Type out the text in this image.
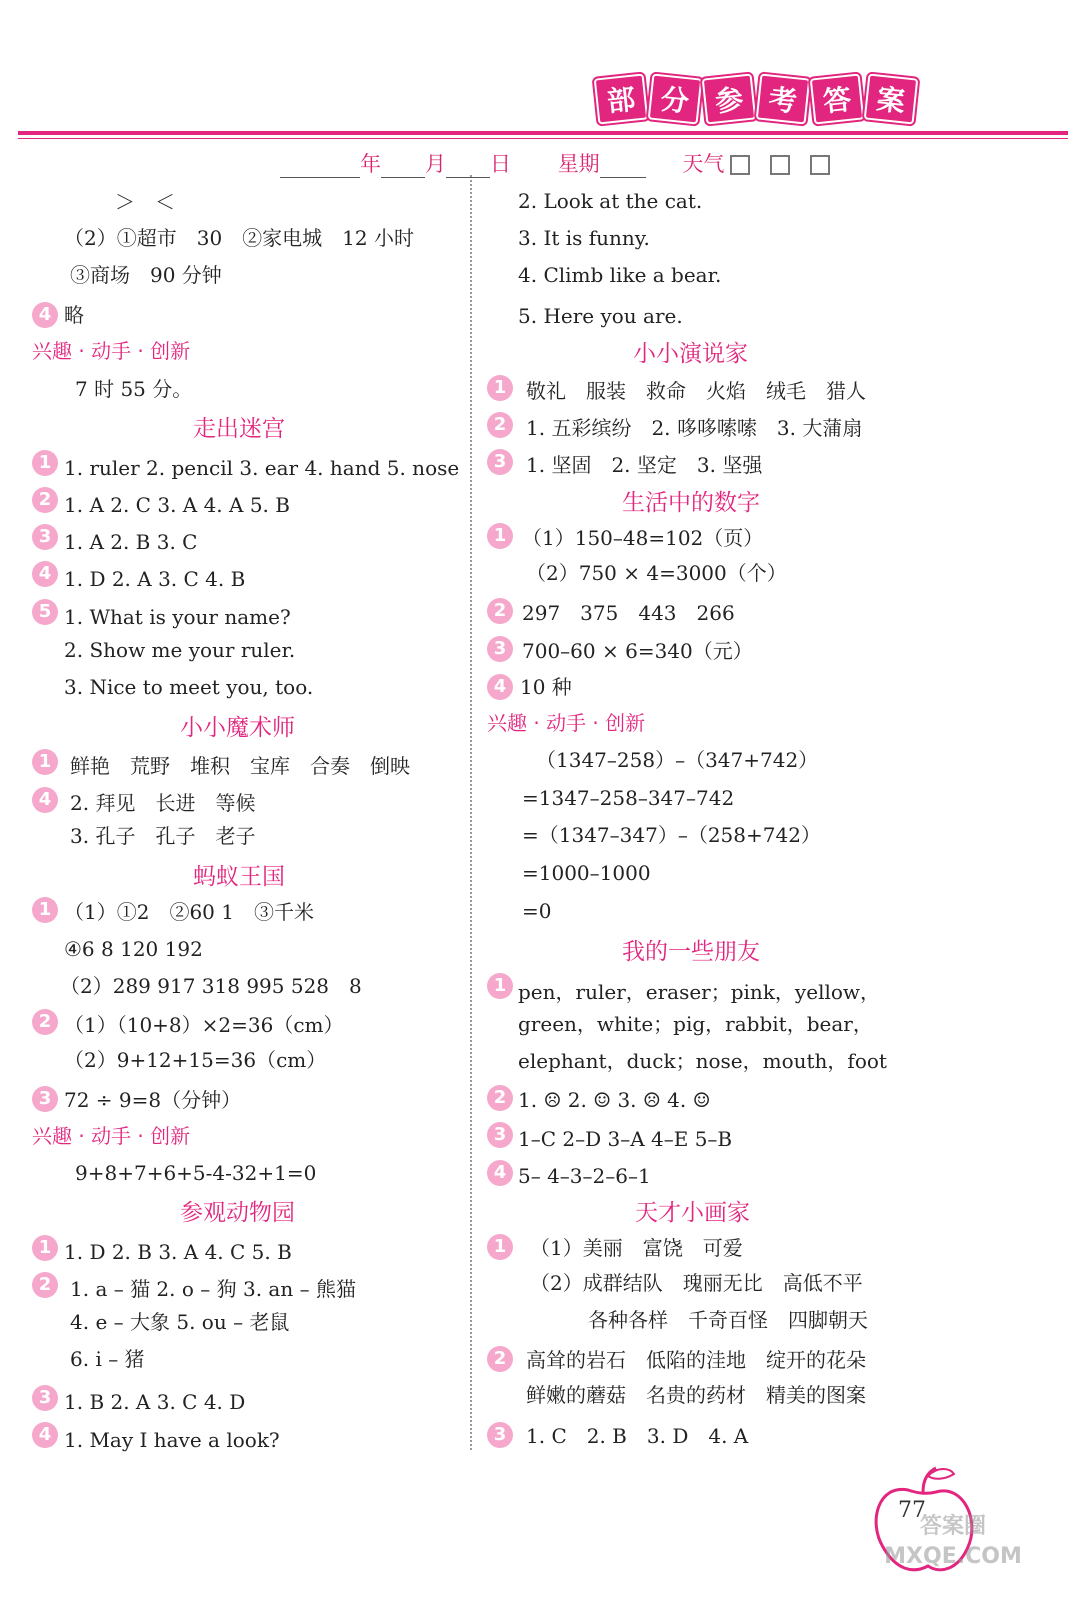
部 分 参 考 答 案
年 月 日 星期	天气
＞　＜
（2）①超市　30　②家电城　12 小时
③商场　90 分钟
4 略
兴趣 · 动手 · 创新
7 时 55 分。
走出迷宫
1 1. ruler 2. pencil 3. ear 4. hand 5. nose
2 1. A 2. C 3. A 4. A 5. B
3 1. A 2. B 3. C
4 1. D 2. A 3. C 4. B
5 1. What is your name?
2. Show me your ruler.
3. Nice to meet you, too.
小小魔术师
1 鲜艳　荒野　堆积　宝库　合奏　倒映
4 2. 拜见　长进　等候
3. 孔子　孔子　老子
蚂蚁王国
1 （1）①2　②60 1　③千米
④6 8 120 192
（2）289 917 318 995 528　8
2 （1）（10+8）×2=36（cm）
（2）9+12+15=36（cm）
3 72 ÷ 9=8（分钟）
兴趣 · 动手 · 创新
9+8+7+6+5-4-32+1=0
参观动物园
1 1. D 2. B 3. A 4. C 5. B
2 1. a – 猫 2. o – 狗 3. an – 熊猫
4. e – 大象 5. ou – 老鼠
6. i – 猪
3 1. B 2. A 3. C 4. D
4 1. May I have a look?
2. Look at the cat.
3. It is funny.
4. Climb like a bear.
5. Here you are.
小小演说家
1 敬礼　服装　救命　火焰　绒毛　猎人
2 1. 五彩缤纷　2. 哆哆嗦嗦　3. 大蒲扇
3 1. 坚固　2. 坚定　3. 坚强
生活中的数字
1 （1）150–48=102（页）
（2）750 × 4=3000（个）
2 297　375　443　266
3 700–60 × 6=340（元）
4 10 种
兴趣 · 动手 · 创新
（1347–258）–（347+742）
=1347–258–347–742
=（1347–347）–（258+742）
=1000–1000
=0
我的一些朋友
1 pen，ruler，eraser；pink，yellow，
green，white；pig，rabbit，bear，
elephant，duck；nose，mouth，foot
2 1. ☹ 2. ☺ 3. ☹ 4. ☺
3 1–C 2–D 3–A 4–E 5–B
4 5– 4–3–2–6–1
天才小画家
1	（1）美丽　富饶　可爱
（2）成群结队　瑰丽无比　高低不平
各种各样　千奇百怪　四脚朝天
2 高耸的岩石　低陷的洼地　绽开的花朵
鲜嫩的蘑菇　名贵的药材　精美的图案
3 1. C　2. B　3. D　4. A
77
答案圈 MXQE.COM
